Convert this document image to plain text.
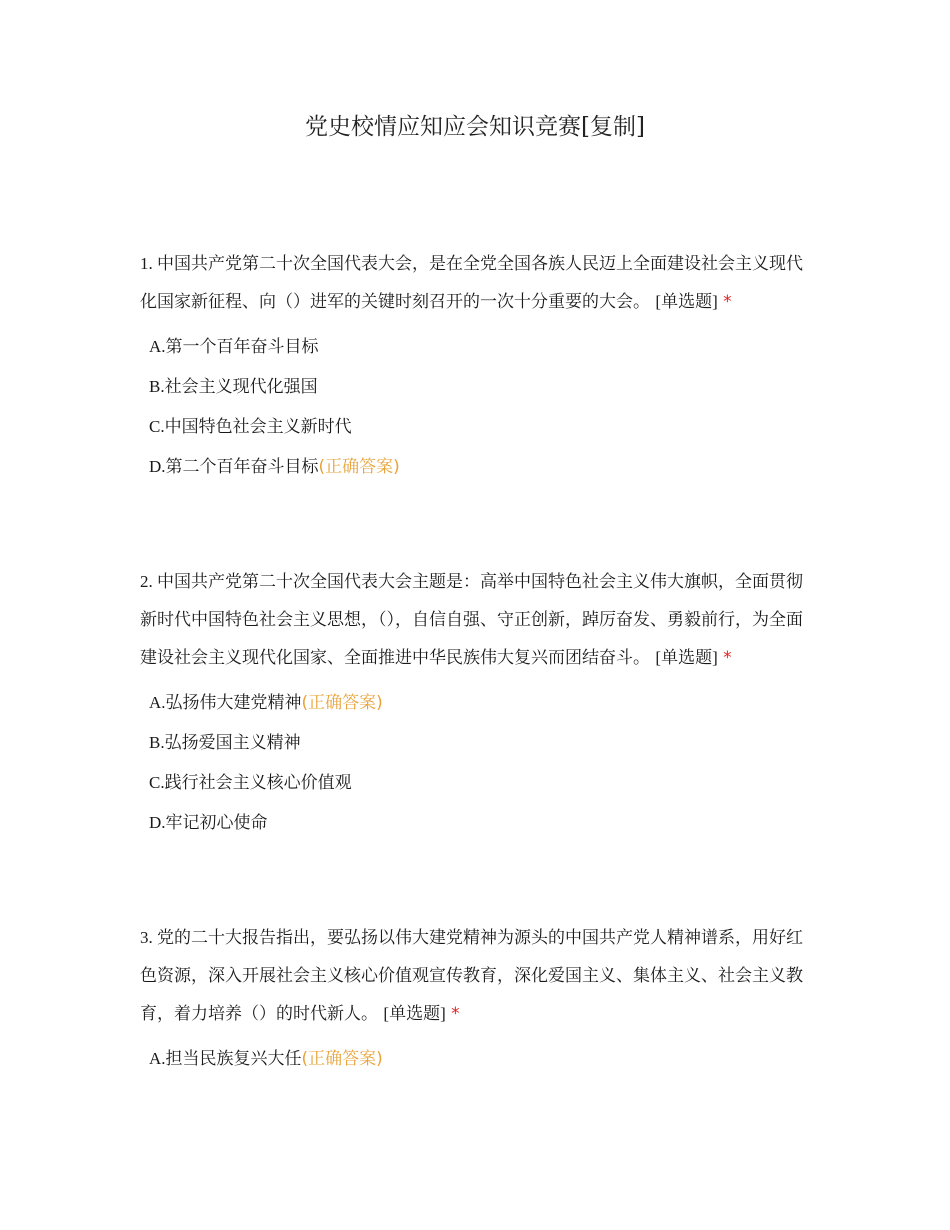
党史校情应知应会知识竞赛[复制]

1. 中国共产党第二十次全国代表大会，是在全党全国各族人民迈上全面建设社会主义现代化国家新征程、向（）进军的关键时刻召开的一次十分重要的大会。 [单选题] *

A.第一个百年奋斗目标
B.社会主义现代化强国
C.中国特色社会主义新时代
D.第二个百年奋斗目标(正确答案)

2. 中国共产党第二十次全国代表大会主题是：高举中国特色社会主义伟大旗帜，全面贯彻新时代中国特色社会主义思想，（），自信自强、守正创新，踔厉奋发、勇毅前行，为全面建设社会主义现代化国家、全面推进中华民族伟大复兴而团结奋斗。 [单选题] *

A.弘扬伟大建党精神(正确答案)
B.弘扬爱国主义精神
C.践行社会主义核心价值观
D.牢记初心使命

3. 党的二十大报告指出，要弘扬以伟大建党精神为源头的中国共产党人精神谱系，用好红色资源，深入开展社会主义核心价值观宣传教育，深化爱国主义、集体主义、社会主义教育，着力培养（）的时代新人。 [单选题] *

A.担当民族复兴大任(正确答案)
